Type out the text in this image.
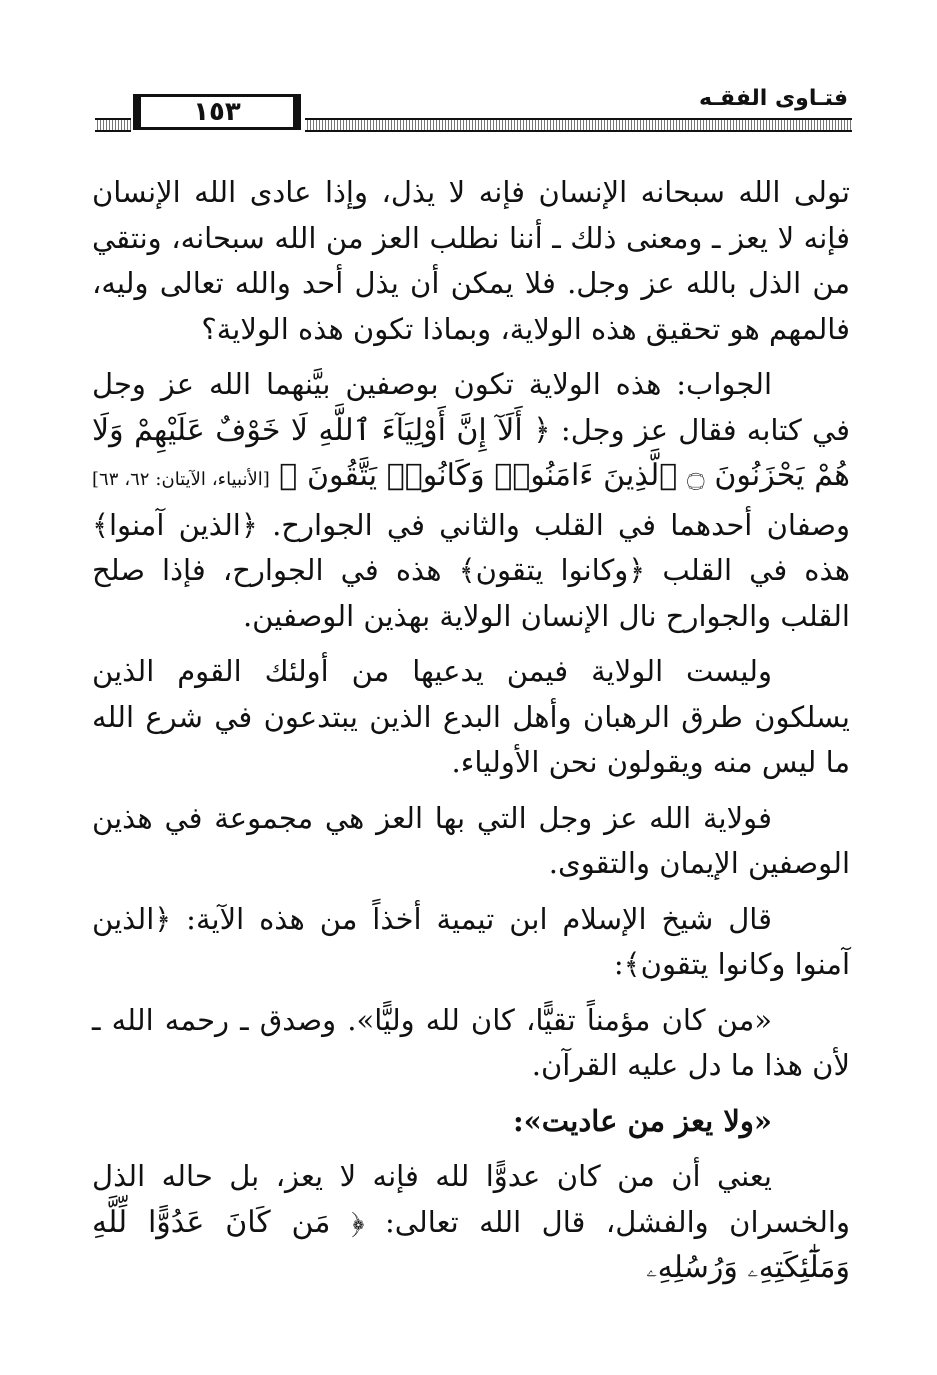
١٥٣	فتـاوى الفقـه

تولى الله سبحانه الإنسان فإنه لا يذل، وإذا عادى الله الإنسان فإنه لا يعز ـ ومعنى ذلك ـ أننا نطلب العز من الله سبحانه، ونتقي من الذل بالله عز وجل. فلا يمكن أن يذل أحد والله تعالى وليه، فالمهم هو تحقيق هذه الولاية، وبماذا تكون هذه الولاية؟

الجواب: هذه الولاية تكون بوصفين بيَّنهما الله عز وجل في كتابه فقال عز وجل: ﴿ أَلَآ إِنَّ أَوْلِيَآءَ ٱللَّهِ لَا خَوْفٌ عَلَيْهِمْ وَلَا هُمْ يَحْزَنُونَ ۝ ٱلَّذِينَ ءَامَنُوا۟ وَكَانُوا۟ يَتَّقُونَ ﴾ [الأنبياء، الآيتان: ٦٢، ٦٣] وصفان أحدهما في القلب والثاني في الجوارح. ﴿الذين آمنوا﴾ هذه في القلب ﴿وكانوا يتقون﴾ هذه في الجوارح، فإذا صلح القلب والجوارح نال الإنسان الولاية بهذين الوصفين.

وليست الولاية فيمن يدعيها من أولئك القوم الذين يسلكون طرق الرهبان وأهل البدع الذين يبتدعون في شرع الله ما ليس منه ويقولون نحن الأولياء.

فولاية الله عز وجل التي بها العز هي مجموعة في هذين الوصفين الإيمان والتقوى.

قال شيخ الإسلام ابن تيمية أخذاً من هذه الآية: ﴿الذين آمنوا وكانوا يتقون﴾:

«من كان مؤمناً تقيًّا، كان لله وليًّا». وصدق ـ رحمه الله ـ لأن هذا ما دل عليه القرآن.

«ولا يعز من عاديت»:

يعني أن من كان عدوًّا لله فإنه لا يعز، بل حاله الذل والخسران والفشل، قال الله تعالى: ﴿ مَن كَانَ عَدُوًّا لِّلَّهِ وَمَلَٰٓئِكَتِهِۦ وَرُسُلِهِۦ
